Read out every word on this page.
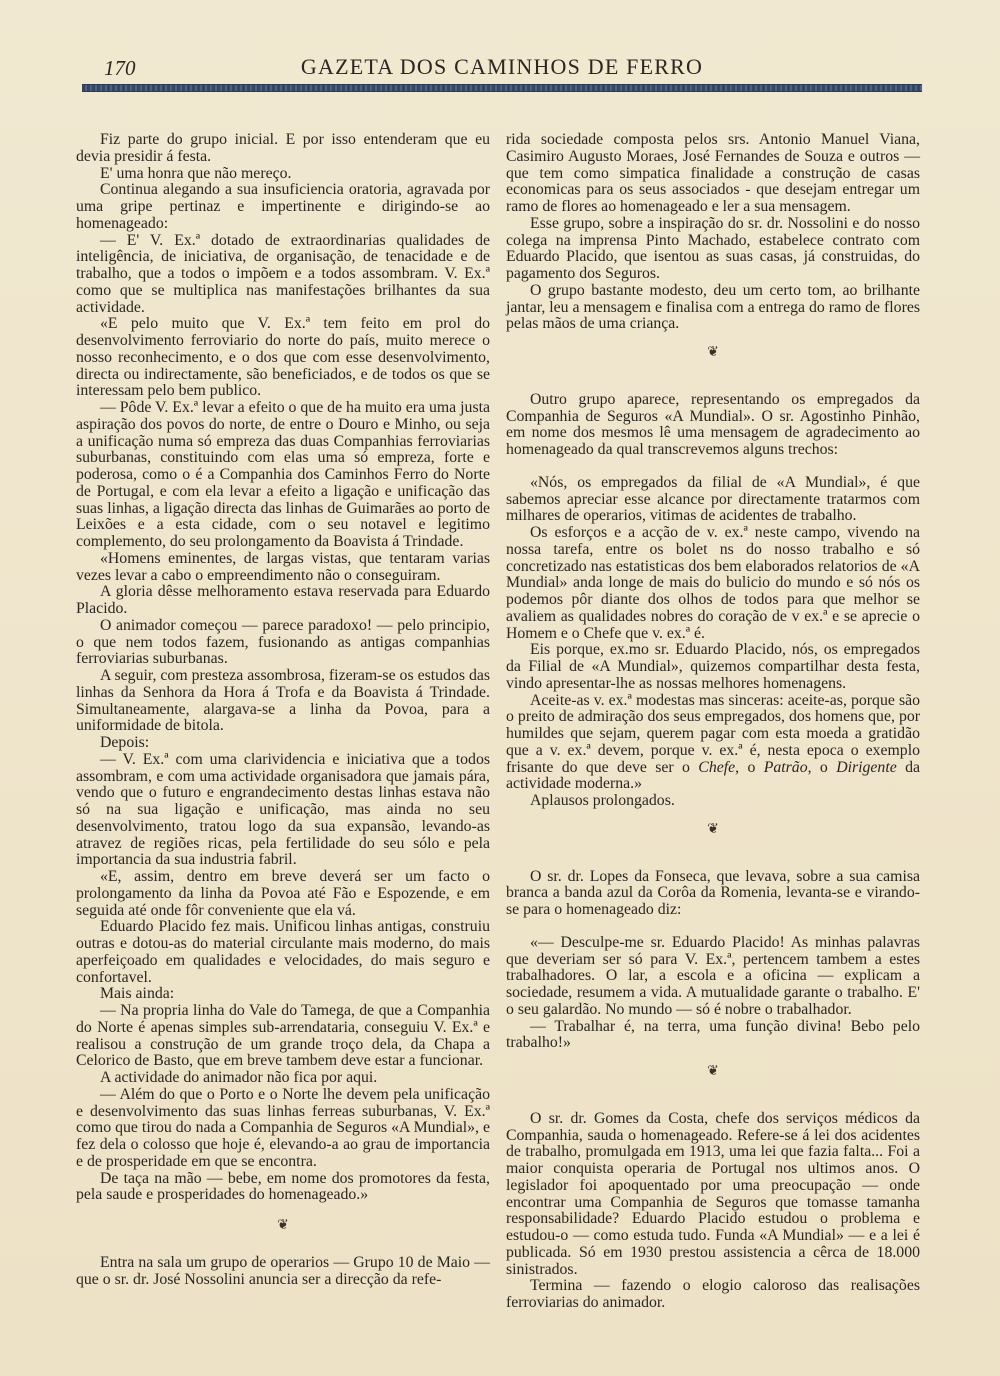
170	GAZETA DOS CAMINHOS DE FERRO

Fiz parte do grupo inicial. E por isso entenderam que eu devia presidir á festa.

E' uma honra que não mereço.

Continua alegando a sua insuficiencia oratoria, agravada por uma gripe pertinaz e impertinente e dirigindo-se ao homenageado:

— E' V. Ex.ª dotado de extraordinarias qualidades de inteligência, de iniciativa, de organisação, de tenacidade e de trabalho, que a todos o impõem e a todos assombram. V. Ex.ª como que se multiplica nas manifestações brilhantes da sua actividade.

«E pelo muito que V. Ex.ª tem feito em prol do desenvolvimento ferroviario do norte do país, muito merece o nosso reconhecimento, e o dos que com esse desenvolvimento, directa ou indirectamente, são beneficiados, e de todos os que se interessam pelo bem publico.

— Pôde V. Ex.ª levar a efeito o que de ha muito era uma justa aspiração dos povos do norte, de entre o Douro e Minho, ou seja a unificação numa só empreza das duas Companhias ferroviarias suburbanas, constituindo com elas uma só empreza, forte e poderosa, como o é a Companhia dos Caminhos Ferro do Norte de Portugal, e com ela levar a efeito a ligação e unificação das suas linhas, a ligação directa das linhas de Guimarães ao porto de Leixões e a esta cidade, com o seu notavel e legitimo complemento, do seu prolongamento da Boavista á Trindade.

«Homens eminentes, de largas vistas, que tentaram varias vezes levar a cabo o empreendimento não o conseguiram.

A gloria dêsse melhoramento estava reservada para Eduardo Placido.

O animador começou — parece paradoxo! — pelo principio, o que nem todos fazem, fusionando as antigas companhias ferroviarias suburbanas.

A seguir, com presteza assombrosa, fizeram-se os estudos das linhas da Senhora da Hora á Trofa e da Boavista á Trindade. Simultaneamente, alargava-se a linha da Povoa, para a uniformidade de bitola.

Depois:

— V. Ex.ª com uma clarividencia e iniciativa que a todos assombram, e com uma actividade organisadora que jamais pára, vendo que o futuro e engrandecimento destas linhas estava não só na sua ligação e unificação, mas ainda no seu desenvolvimento, tratou logo da sua expansão, levando-as atravez de regiões ricas, pela fertilidade do seu sólo e pela importancia da sua industria fabril.

«E, assim, dentro em breve deverá ser um facto o prolongamento da linha da Povoa até Fão e Espozende, e em seguida até onde fôr conveniente que ela vá.

Eduardo Placido fez mais. Unificou linhas antigas, construiu outras e dotou-as do material circulante mais moderno, do mais aperfeiçoado em qualidades e velocidades, do mais seguro e confortavel.

Mais ainda:

— Na propria linha do Vale do Tamega, de que a Companhia do Norte é apenas simples sub-arrendataria, conseguiu V. Ex.ª e realisou a construção de um grande troço dela, da Chapa a Celorico de Basto, que em breve tambem deve estar a funcionar.

A actividade do animador não fica por aqui.

— Além do que o Porto e o Norte lhe devem pela unificação e desenvolvimento das suas linhas ferreas suburbanas, V. Ex.ª como que tirou do nada a Companhia de Seguros «A Mundial», e fez dela o colosso que hoje é, elevando-a ao grau de importancia e de prosperidade em que se encontra.

De taça na mão — bebe, em nome dos promotores da festa, pela saude e prosperidades do homenageado.»

❦

Entra na sala um grupo de operarios — Grupo 10 de Maio — que o sr. dr. José Nossolini anuncia ser a direcção da refe-

rida sociedade composta pelos srs. Antonio Manuel Viana, Casimiro Augusto Moraes, José Fernandes de Souza e outros — que tem como simpatica finalidade a construção de casas economicas para os seus associados - que desejam entregar um ramo de flores ao homenageado e ler a sua mensagem.

Esse grupo, sobre a inspiração do sr. dr. Nossolini e do nosso colega na imprensa Pinto Machado, estabelece contrato com Eduardo Placido, que isentou as suas casas, já construidas, do pagamento dos Seguros.

O grupo bastante modesto, deu um certo tom, ao brilhante jantar, leu a mensagem e finalisa com a entrega do ramo de flores pelas mãos de uma criança.

❦

Outro grupo aparece, representando os empregados da Companhia de Seguros «A Mundial». O sr. Agostinho Pinhão, em nome dos mesmos lê uma mensagem de agradecimento ao homenageado da qual transcrevemos alguns trechos:

«Nós, os empregados da filial de «A Mundial», é que sabemos apreciar esse alcance por directamente tratarmos com milhares de operarios, vitimas de acidentes de trabalho.

Os esforços e a acção de v. ex.ª neste campo, vivendo na nossa tarefa, entre os bolet ns do nosso trabalho e só concretizado nas estatisticas dos bem elaborados relatorios de «A Mundial» anda longe de mais do bulicio do mundo e só nós os podemos pôr diante dos olhos de todos para que melhor se avaliem as qualidades nobres do coração de v ex.ª e se aprecie o Homem e o Chefe que v. ex.ª é.

Eis porque, ex.mo sr. Eduardo Placido, nós, os empregados da Filial de «A Mundial», quizemos compartilhar desta festa, vindo apresentar-lhe as nossas melhores homenagens.

Aceite-as v. ex.ª modestas mas sinceras: aceite-as, porque são o preito de admiração dos seus empregados, dos homens que, por humildes que sejam, querem pagar com esta moeda a gratidão que a v. ex.ª devem, porque v. ex.ª é, nesta epoca o exemplo frisante do que deve ser o Chefe, o Patrão, o Dirigente da actividade moderna.»

Aplausos prolongados.

❦

O sr. dr. Lopes da Fonseca, que levava, sobre a sua camisa branca a banda azul da Corôa da Romenia, levanta-se e virando-se para o homenageado diz:

«— Desculpe-me sr. Eduardo Placido! As minhas palavras que deveriam ser só para V. Ex.ª, pertencem tambem a estes trabalhadores. O lar, a escola e a oficina — explicam a sociedade, resumem a vida. A mutualidade garante o trabalho. E' o seu galardão. No mundo — só é nobre o trabalhador.

— Trabalhar é, na terra, uma função divina! Bebo pelo trabalho!»

❦

O sr. dr. Gomes da Costa, chefe dos serviços médicos da Companhia, sauda o homenageado. Refere-se á lei dos acidentes de trabalho, promulgada em 1913, uma lei que fazia falta... Foi a maior conquista operaria de Portugal nos ultimos anos. O legislador foi apoquentado por uma preocupação — onde encontrar uma Companhia de Seguros que tomasse tamanha responsabilidade? Eduardo Placido estudou o problema e estudou-o — como estuda tudo. Funda «A Mundial» — e a lei é publicada. Só em 1930 prestou assistencia a cêrca de 18.000 sinistrados.

Termina — fazendo o elogio caloroso das realisações ferroviarias do animador.
